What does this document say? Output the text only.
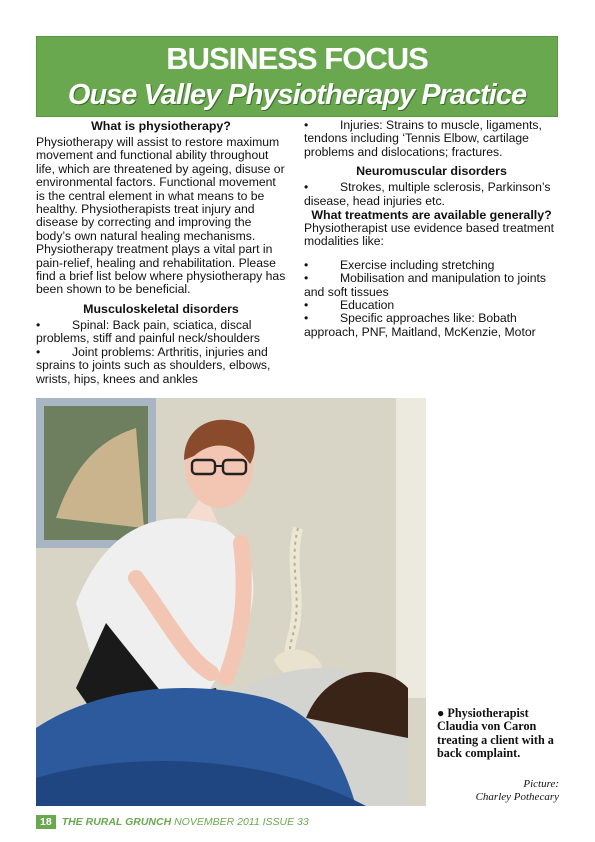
BUSINESS FOCUS
Ouse Valley Physiotherapy Practice
What is physiotherapy?

Physiotherapy will assist to restore maximum movement and functional ability throughout life, which are threatened by ageing, disuse or environmental factors. Functional movement is the central element in what means to be healthy. Physiotherapists treat injury and disease by correcting and improving the body’s own natural healing mechanisms. Physiotherapy treatment plays a vital part in pain-relief, healing and rehabilitation. Please find a brief list below where physiotherapy has been shown to be beneficial.

Musculoskeletal disorders

•	Spinal: Back pain, sciatica, discal problems, stiff and painful neck/shoulders

•	Joint problems: Arthritis, injuries and sprains to joints such as shoulders, elbows, wrists, hips, knees and ankles

•	Injuries: Strains to muscle, ligaments, tendons including ‘Tennis Elbow, cartilage problems and dislocations; fractures.

Neuromuscular disorders

•	Strokes, multiple sclerosis, Parkinson’s disease, head injuries etc.

What treatments are available generally?

Physiotherapist use evidence based treatment modalities like:

•	Exercise including stretching

•	Mobilisation and manipulation to joints and soft tissues

•	Education

•	Specific approaches like: Bobath approach, PNF, Maitland, McKenzie, Motor

● Physiotherapist Claudia von Caron treating a client with a back complaint.
Picture:
Charley Pothecary
18 THE RURAL GRUNCH NOVEMBER 2011 ISSUE 33
